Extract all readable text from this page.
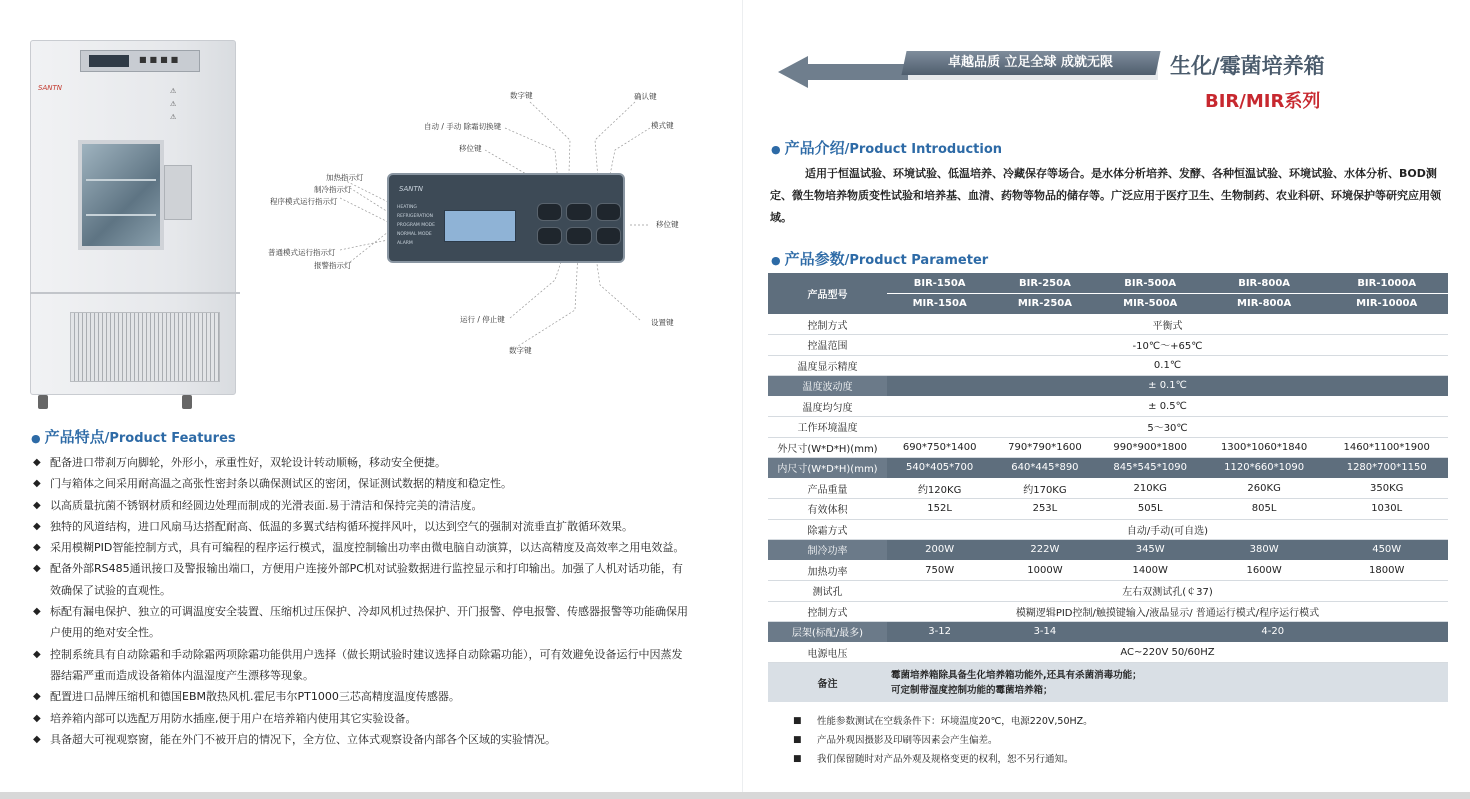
■■■■
SANTN	⚠
⚠
⚠
SANTN
HEATING
REFRIGERATION
PROGRAM MODE
NORMAL MODE
ALARM
数字键	确认键
自动 / 手动 除霜切换键	模式键
移位键
加热指示灯
制冷指示灯
程序模式运行指示灯
移位键
普通模式运行指示灯
报警指示灯
运行 / 停止键	设置键
数字键
● 产品特点/Product Features
◆ 配备进口带刹万向脚轮，外形小，承重性好，双轮设计转动顺畅，移动安全便捷。
◆ 门与箱体之间采用耐高温之高张性密封条以确保测试区的密闭，保证测试数据的精度和稳定性。
◆ 以高质量抗菌不锈钢材质和经圆边处理而制成的光滑表面.易于清洁和保持完美的清洁度。
◆ 独特的风道结构，进口风扇马达搭配耐高、低温的多翼式结构循环搅拌风叶，以达到空气的强制对流垂直扩散循环效果。
◆ 采用模糊PID智能控制方式，具有可编程的程序运行模式，温度控制输出功率由微电脑自动演算，以达高精度及高效率之用电效益。
◆ 配备外部RS485通讯接口及警报输出端口，方便用户连接外部PC机对试验数据进行监控显示和打印输出。加强了人机对话功能，有效确保了试验的直观性。
◆ 标配有漏电保护、独立的可调温度安全装置、压缩机过压保护、冷却风机过热保护、开门报警、停电报警、传感器报警等功能确保用户使用的绝对安全性。
◆ 控制系统具有自动除霜和手动除霜两项除霜功能供用户选择（做长期试验时建议选择自动除霜功能），可有效避免设备运行中因蒸发器结霜严重而造成设备箱体内温湿度产生漂移等现象。
◆ 配置进口品牌压缩机和德国EBM散热风机.霍尼韦尔PT1000三芯高精度温度传感器。
◆ 培养箱内部可以选配万用防水插座,便于用户在培养箱内使用其它实验设备。
◆ 具备超大可视观察窗，能在外门不被开启的情况下，全方位、立体式观察设备内部各个区域的实验情况。
卓越品质 立足全球 成就无限	生化/霉菌培养箱
BIR/MIR系列
● 产品介绍/Product Introduction

适用于恒温试验、环境试验、低温培养、冷藏保存等场合。是水体分析培养、发酵、各种恒温试验、环境试验、水体分析、BOD测定、微生物培养物质变性试验和培养基、血清、药物等物品的储存等。广泛应用于医疗卫生、生物制药、农业科研、环境保护等研究应用领域。

● 产品参数/Product Parameter
产品型号	BIR-150A	BIR-250A	BIR-500A	BIR-800A	BIR-1000A
	MIR-150A	MIR-250A	MIR-500A	MIR-800A	MIR-1000A
控制方式	平衡式				
控温范围	-10℃～+65℃				
温度显示精度	0.1℃				
温度波动度	± 0.1℃				
温度均匀度	± 0.5℃				
工作环境温度	5～30℃				
外尺寸(W*D*H)(mm)	690*750*1400	790*790*1600	990*900*1800	1300*1060*1840	1460*1100*1900
内尺寸(W*D*H)(mm)	540*405*700	640*445*890	845*545*1090	1120*660*1090	1280*700*1150
产品重量	约120KG	约170KG	210KG	260KG	350KG
有效体积	152L	253L	505L	805L	1030L
除霜方式	自动/手动(可自选)				
制冷功率	200W	222W	345W	380W	450W
加热功率	750W	1000W	1400W	1600W	1800W
测试孔	左右双测试孔(￠37)				
控制方式	模糊逻辑PID控制/触摸键输入/液晶显示/ 普通运行模式/程序运行模式				
层架(标配/最多)	3-12	3-14	4-20		
电源电压	AC~220V 50/60HZ				
备注	霉菌培养箱除具备生化培养箱功能外,还具有杀菌消毒功能；
可定制带湿度控制功能的霉菌培养箱；				
■ 性能参数测试在空载条件下：环境温度20℃，电源220V,50HZ。
■ 产品外观因摄影及印刷等因素会产生偏差。
■ 我们保留随时对产品外观及规格变更的权利，恕不另行通知。
